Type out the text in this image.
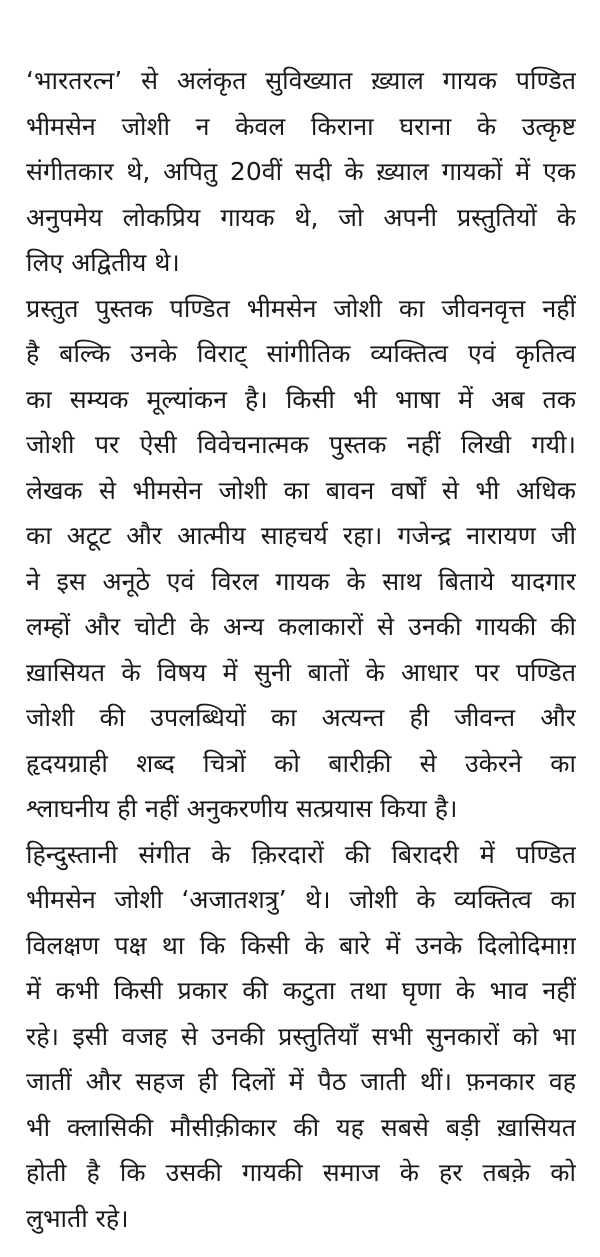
‘भारतरत्न’ से अलंकृत सुविख्यात ख़्याल गायक पण्डित
भीमसेन जोशी न केवल किराना घराना के उत्कृष्ट
संगीतकार थे, अपितु 20वीं सदी के ख़्याल गायकों में एक
अनुपमेय लोकप्रिय गायक थे, जो अपनी प्रस्तुतियों के
लिए अद्वितीय थे।
प्रस्तुत पुस्तक पण्डित भीमसेन जोशी का जीवनवृत्त नहीं
है बल्कि उनके विराट् सांगीतिक व्यक्तित्व एवं कृतित्व
का सम्यक मूल्यांकन है। किसी भी भाषा में अब तक
जोशी पर ऐसी विवेचनात्मक पुस्तक नहीं लिखी गयी।
लेखक से भीमसेन जोशी का बावन वर्षों से भी अधिक
का अटूट और आत्मीय साहचर्य रहा। गजेन्द्र नारायण जी
ने इस अनूठे एवं विरल गायक के साथ बिताये यादगार
लम्हों और चोटी के अन्य कलाकारों से उनकी गायकी की
ख़ासियत के विषय में सुनी बातों के आधार पर पण्डित
जोशी की उपलब्धियों का अत्यन्त ही जीवन्त और
हृदयग्राही शब्द चित्रों को बारीक़ी से उकेरने का
श्लाघनीय ही नहीं अनुकरणीय सत्प्रयास किया है।
हिन्दुस्तानी संगीत के क़िरदारों की बिरादरी में पण्डित
भीमसेन जोशी ‘अजातशत्रु’ थे। जोशी के व्यक्तित्व का
विलक्षण पक्ष था कि किसी के बारे में उनके दिलोदिमाग़
में कभी किसी प्रकार की कटुता तथा घृणा के भाव नहीं
रहे। इसी वजह से उनकी प्रस्तुतियाँ सभी सुनकारों को भा
जातीं और सहज ही दिलों में पैठ जाती थीं। फ़नकार वह
भी क्लासिकी मौसीक़ीकार की यह सबसे बड़ी ख़ासियत
होती है कि उसकी गायकी समाज के हर तबक़े को
लुभाती रहे।
